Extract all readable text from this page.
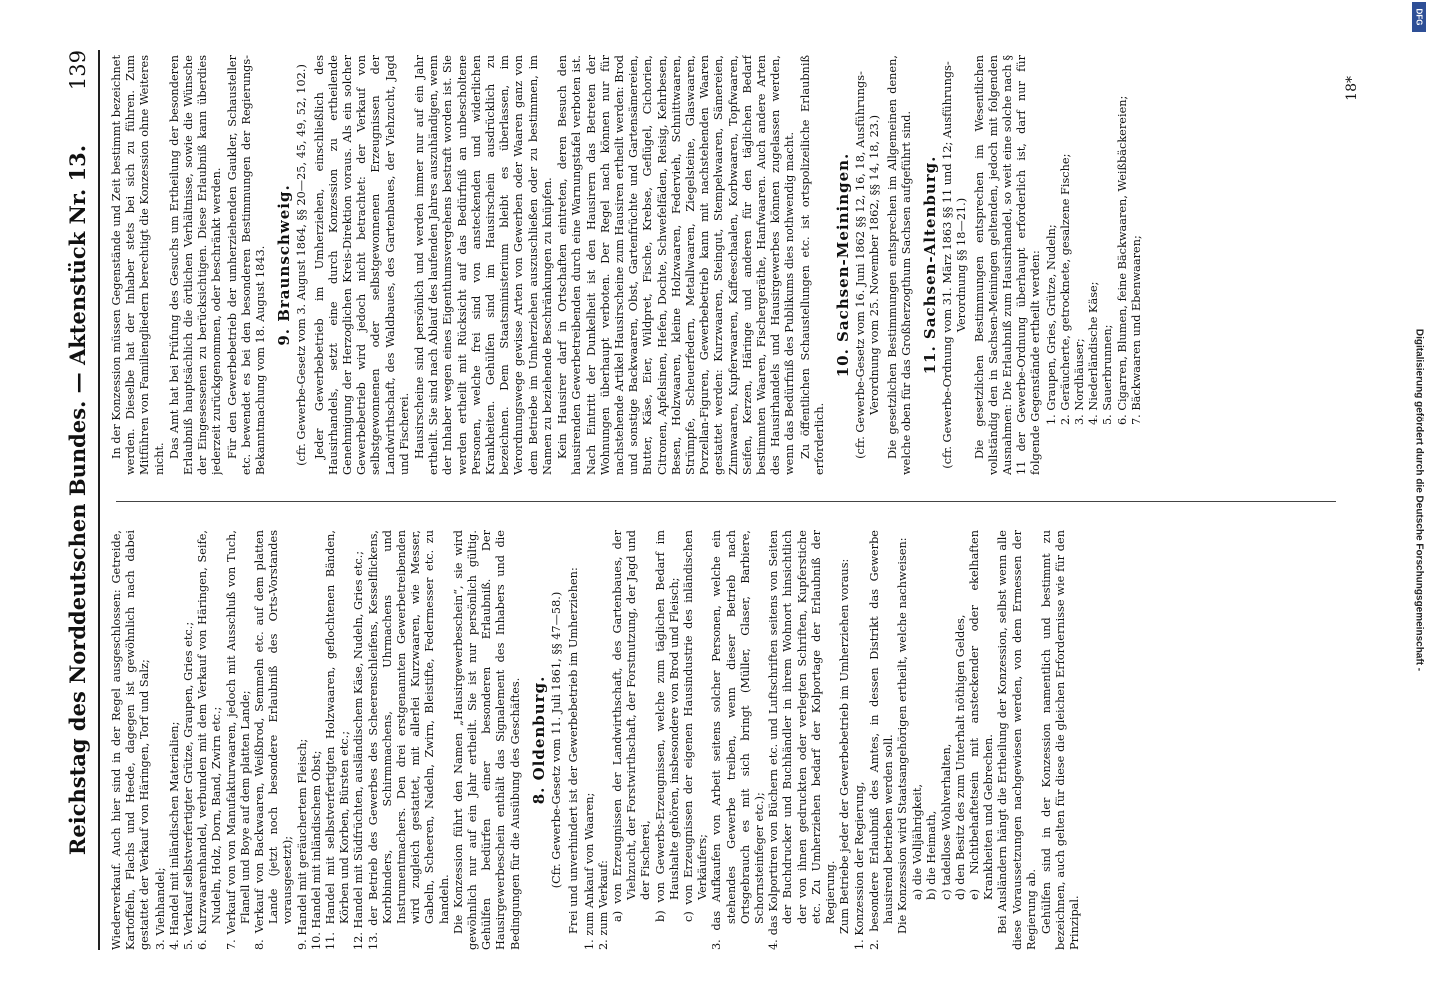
Reichstag des Norddeutschen Bundes. — Aktenstück Nr. 13.
139

Wiederverkauf. Auch hier sind in der Regel ausgeschlossen: Getreide, Kartoffeln, Flachs und Heede, dagegen ist gewöhnlich nach dabei gestattet der Verkauf von Häringen, Torf und Salz; 3. Viehhandel; 4. Handel mit inländischen Materialien; 5. Verkauf selbstverfertigter Grütze, Graupen, Gries etc.; 6. Kurzwaarenhandel, verbunden mit dem Verkauf von Häringen, Seife, Nudeln, Holz, Dorn, Band, Zwirn etc.; 7. Verkauf von von Manufakturwaaren, jedoch mit Ausschluß von Tuch, Flanell und Boye auf dem platten Lande; 8. Verkauf von Backwaaren, Weißbrod, Semmeln etc. auf dem platten Lande (jetzt noch besondere Erlaubniß des Orts-Vorstandes vorausgesetzt); 9. Handel mit geräuchertem Fleisch; 10. Handel mit inländischem Obst; 11. Handel mit selbstverfertigten Holzwaaren, geflochtenen Bänden, Körben und Korben, Bürsten etc.; 12. Handel mit Südfrüchten, ausländischem Käse, Nudeln, Gries etc.; 13. der Betrieb des Gewerbes des Scheerenschleifens, Kesselflickens, Korbbinders, Schirmmachens, Uhrmachens und Instrumentmachers. Den drei erstgenannten Gewerbetreibenden wird zugleich gestattet, mit allerlei Kurzwaaren, wie Messer, Gabeln, Scheeren, Nadeln, Zwirn, Bleistifte, Federmesser etc. zu handeln. Die Konzession führt den Namen „Hausirgewerbeschein“, sie wird gewöhnlich nur auf ein Jahr ertheilt. Sie ist nur persönlich gültig. Gehülfen bedürfen einer besonderen Erlaubniß. Der Hausirgewerbeschein enthält das Signalement des Inhabers und die Bedingungen für die Ausübung des Geschäftes. 8. Oldenburg. (Cfr. Gewerbe-Gesetz vom 11. Juli 1861, §§ 47—58.) Frei und unverhindert ist der Gewerbebetrieb im Umherziehen: 1. zum Ankauf von Waaren; 2. zum Verkauf: a) von Erzeugnissen der Landwirthschaft, des Gartenbaues, der Viehzucht, der Forstwirthschaft, der Forstnutzung, der Jagd und der Fischerei, b) von Gewerbs-Erzeugnissen, welche zum täglichen Bedarf im Haushalte gehören, insbesondere von Brod und Fleisch; c) von Erzeugnissen der eigenen Hausindustrie des inländischen Verkäufers; 3. das Aufkaufen von Arbeit seitens solcher Personen, welche ein stehendes Gewerbe treiben, wenn dieser Betrieb nach Ortsgebrauch es mit sich bringt (Müller, Glaser, Barbiere, Schornsteinfeger etc.); 4. das Kolportiren von Büchern etc. und Luftschriften seitens von Seiten der Buchdrucker und Buchhändler in ihrem Wohnort hinsichtlich der von ihnen gedruckten oder verlegten Schriften, Kupferstiche etc. Zu Umherziehen bedarf der Kolportage der Erlaubniß der Regierung. Zum Betriebe jeder der Gewerbebetrieb im Umherziehen voraus: 1. Konzession der Regierung, 2. besondere Erlaubniß des Amtes, in dessen Distrikt das Gewerbe hausirend betrieben werden soll. Die Konzession wird Staatsangehörigen ertheilt, welche nachweisen: a) die Volljährigkeit, b) die Heimath, c) tadellose Wohlverhalten, d) den Besitz des zum Unterhalt nöthigen Geldes, e) Nichtbehaftetsein mit ansteckender oder ekelhaften Krankheiten und Gebrechen. Bei Ausländern hängt die Ertheilung der Konzession, selbst wenn alle diese Voraussetzungen nachgewiesen werden, von dem Ermessen der Regierung ab. Gehülfen sind in der Konzession namentlich und bestimmt zu bezeichnen, auch gelten für diese die gleichen Erfordernisse wie für den Prinzipal.

In der Konzession müssen Gegenstände und Zeit bestimmt bezeichnet werden. Dieselbe hat der Inhaber stets bei sich zu führen. Zum Mitführen von Familiengliedern berechtigt die Konzession ohne Weiteres nicht. Das Amt hat bei Prüfung des Gesuchs um Ertheilung der besonderen Erlaubniß hauptsächlich die örtlichen Verhältnisse, sowie die Wünsche der Eingesessenen zu berücksichtigen. Diese Erlaubniß kann überdies jederzeit zurückgenommen, oder beschränkt werden. Für den Gewerbebetrieb der umherziehenden Gaukler, Schausteller etc. bewendet es bei den besonderen Bestimmungen der Regierungs-Bekanntmachung vom 18. August 1843. 9. Braunschweig. (cfr. Gewerbe-Gesetz vom 3. August 1864, §§ 20—25, 45, 49, 52, 102.) Jeder Gewerbebetrieb im Umherziehen, einschließlich des Hausirhandels, setzt eine durch Konzession zu ertheilende Genehmigung der Herzoglichen Kreis-Direktion voraus. Als ein solcher Gewerbebetrieb wird jedoch nicht betrachtet: der Verkauf von selbstgewonnenen oder selbstgewonnenen Erzeugnissen der Landwirthschaft, des Waldbaues, des Gartenbaues, der Viehzucht, Jagd und Fischerei. Hausirscheine sind persönlich und werden immer nur auf ein Jahr ertheilt. Sie sind nach Ablauf des laufenden Jahres auszuhändigen, wenn der Inhaber wegen eines Eigenthumsvergehens bestraft worden ist. Sie werden ertheilt mit Rücksicht auf das Bedürfniß an unbescholtene Personen, welche frei sind von ansteckenden und widerlichen Krankheiten. Gehülfen sind im Hausirschein ausdrücklich zu bezeichnen. Dem Staatsministerium bleibt es überlassen, im Verordnungswege gewisse Arten von Gewerben oder Waaren ganz von dem Betriebe im Umherziehen auszuschließen oder zu bestimmen, im Namen zu beziehende Beschränkungen zu knüpfen. Kein Hausirer darf in Ortschaften eintreten, deren Besuch den hausirenden Gewerbetreibenden durch eine Warnungstafel verboten ist. Nach Eintritt der Dunkelheit ist den Hausirern das Betreten der Wohnungen überhaupt verboten. Der Regel nach können nur für nachstehende Artikel Hausirscheine zum Hausiren ertheilt werden: Brod und sonstige Backwaaren, Obst, Gartenfrüchte und Gartensämereien, Butter, Käse, Eier, Wildpret, Fische, Krebse, Geflügel, Cichorien, Citronen, Apfelsinen, Hefen, Dochte, Schwefelfäden, Reisig, Kehrbesen, Besen, Holzwaaren, kleine Holzwaaren, Federvieh, Schnittwaaren, Strümpfe, Scheuerfedern, Metallwaaren, Ziegelsteine, Glaswaaren, Porzellan-Figuren, Gewerbebetrieb kann mit nachstehenden Waaren gestattet werden: Kurzwaaren, Steingut, Stempelwaaren, Sämereien, Zinnwaaren, Kupferwaaren, Kaffeeschaalen, Korbwaaren, Topfwaaren, Seifen, Kerzen, Häringe und anderen für den täglichen Bedarf bestimmten Waaren, Fischergeräthe, Hanfwaaren. Auch andere Arten des Hausirhandels und Hausirgewerbes können zugelassen werden, wenn das Bedürfniß des Publikums dies nothwendig macht. Zu öffentlichen Schaustellungen etc. ist ortspolizeiliche Erlaubniß erforderlich.

10. Sachsen-Meiningen. (cfr. Gewerbe-Gesetz vom 16. Juni 1862 §§ 12, 16, 18, Ausführungs-Verordnung vom 25. November 1862, §§ 14, 18, 23.) Die gesetzlichen Bestimmungen entsprechen im Allgemeinen denen, welche oben für das Großherzogthum Sachsen aufgeführt sind. 11. Sachsen-Altenburg. (cfr. Gewerbe-Ordnung vom 31. März 1863 §§ 11 und 12; Ausführungs-Verordnung §§ 18—21.) Die gesetzlichen Bestimmungen entsprechen im Wesentlichen vollständig den in Sachsen-Meiningen geltenden, jedoch mit folgenden Ausnahmen: Die Erlaubniß zum Hausirhandel, so weit eine solche nach § 11 der Gewerbe-Ordnung überhaupt erforderlich ist, darf nur für folgende Gegenstände ertheilt werden: 1. Graupen, Gries, Grütze, Nudeln; 2. Geräucherte, getrocknete, gesalzene Fische; 3. Nordhäuser; 4. Niederländische Käse; 5. Sauerbrunnen; 6. Cigarren, Blumen, feine Bäckwaaren, Weißbäckereien; 7. Bäckwaaren und Ebenwaaren;

18*
DFG
Digitalisierung gefördert durch die Deutsche Forschungsgemeinschaft -
